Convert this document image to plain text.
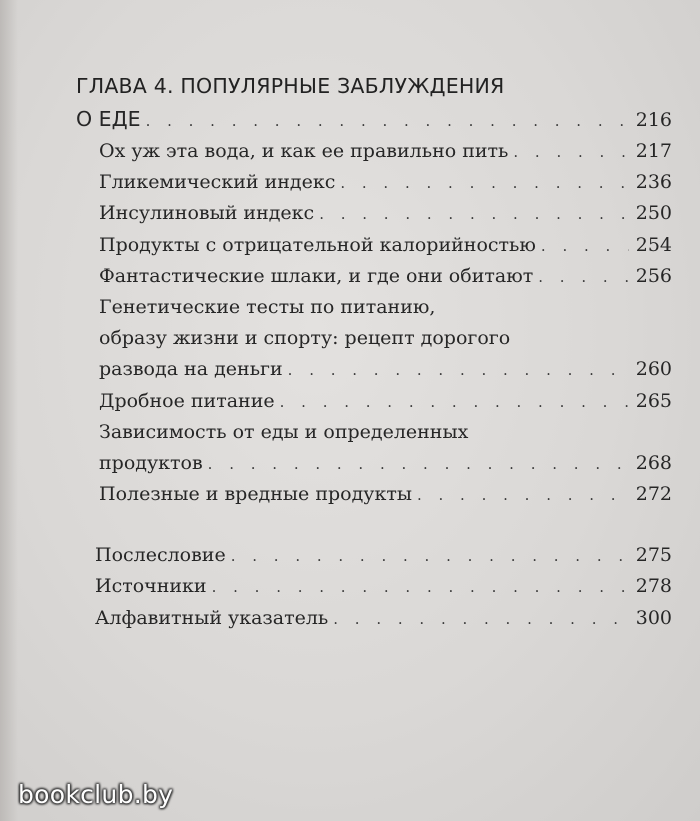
ГЛАВА 4. ПОПУЛЯРНЫЕ ЗАБЛУЖДЕНИЯ
О ЕДЕ . . .	216
Ох уж эта вода, и как ее правильно пить . . .	217
Гликемический индекс . . .	236
Инсулиновый индекс . . .	250
Продукты с отрицательной калорийностью . . .	254
Фантастические шлаки, и где они обитают . . .	256
Генетические тесты по питанию,
образу жизни и спорту: рецепт дорогого
развода на деньги . . .	260
Дробное питание . . .	265
Зависимость от еды и определенных
продуктов . . .	268
Полезные и вредные продукты . . .	272
Послесловие . . .	275
Источники . . .	278
Алфавитный указатель . . .	300
bookclub.by
